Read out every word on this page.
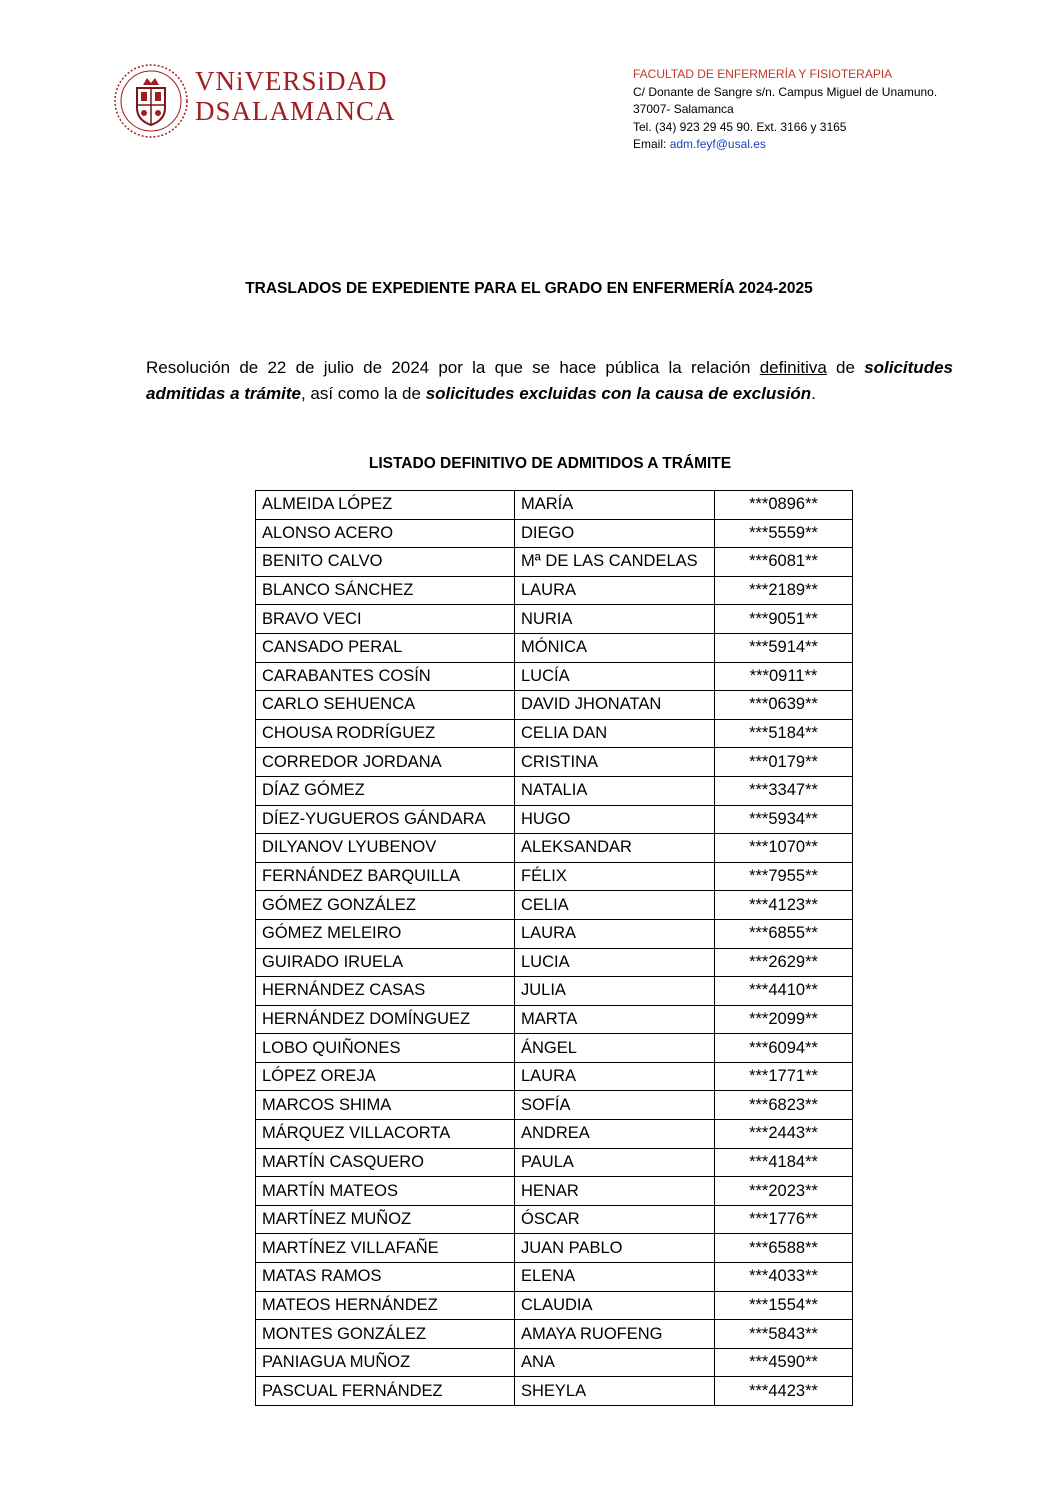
VNiVERSiDAD
DSALAMANCA
FACULTAD DE ENFERMERÍA Y FISIOTERAPIA
C/ Donante de Sangre s/n. Campus Miguel de Unamuno.
37007- Salamanca
Tel. (34) 923 29 45 90. Ext. 3166 y 3165
Email: adm.feyf@usal.es
TRASLADOS DE EXPEDIENTE PARA EL GRADO EN ENFERMERÍA 2024-2025
Resolución de 22 de julio de 2024 por la que se hace pública la relación definitiva de solicitudes admitidas a trámite, así como la de solicitudes excluidas con la causa de exclusión.
LISTADO DEFINITIVO DE ADMITIDOS A TRÁMITE
ALMEIDA LÓPEZ	MARÍA	***0896**
ALONSO ACERO	DIEGO	***5559**
BENITO CALVO	Mª DE LAS CANDELAS	***6081**
BLANCO SÁNCHEZ	LAURA	***2189**
BRAVO VECI	NURIA	***9051**
CANSADO PERAL	MÓNICA	***5914**
CARABANTES COSÍN	LUCÍA	***0911**
CARLO SEHUENCA	DAVID JHONATAN	***0639**
CHOUSA RODRÍGUEZ	CELIA DAN	***5184**
CORREDOR JORDANA	CRISTINA	***0179**
DÍAZ GÓMEZ	NATALIA	***3347**
DÍEZ-YUGUEROS GÁNDARA	HUGO	***5934**
DILYANOV LYUBENOV	ALEKSANDAR	***1070**
FERNÁNDEZ BARQUILLA	FÉLIX	***7955**
GÓMEZ GONZÁLEZ	CELIA	***4123**
GÓMEZ MELEIRO	LAURA	***6855**
GUIRADO IRUELA	LUCIA	***2629**
HERNÁNDEZ CASAS	JULIA	***4410**
HERNÁNDEZ DOMÍNGUEZ	MARTA	***2099**
LOBO QUIÑONES	ÁNGEL	***6094**
LÓPEZ OREJA	LAURA	***1771**
MARCOS SHIMA	SOFÍA	***6823**
MÁRQUEZ VILLACORTA	ANDREA	***2443**
MARTÍN CASQUERO	PAULA	***4184**
MARTÍN MATEOS	HENAR	***2023**
MARTÍNEZ MUÑOZ	ÓSCAR	***1776**
MARTÍNEZ VILLAFAÑE	JUAN PABLO	***6588**
MATAS RAMOS	ELENA	***4033**
MATEOS HERNÁNDEZ	CLAUDIA	***1554**
MONTES GONZÁLEZ	AMAYA RUOFENG	***5843**
PANIAGUA MUÑOZ	ANA	***4590**
PASCUAL FERNÁNDEZ	SHEYLA	***4423**
